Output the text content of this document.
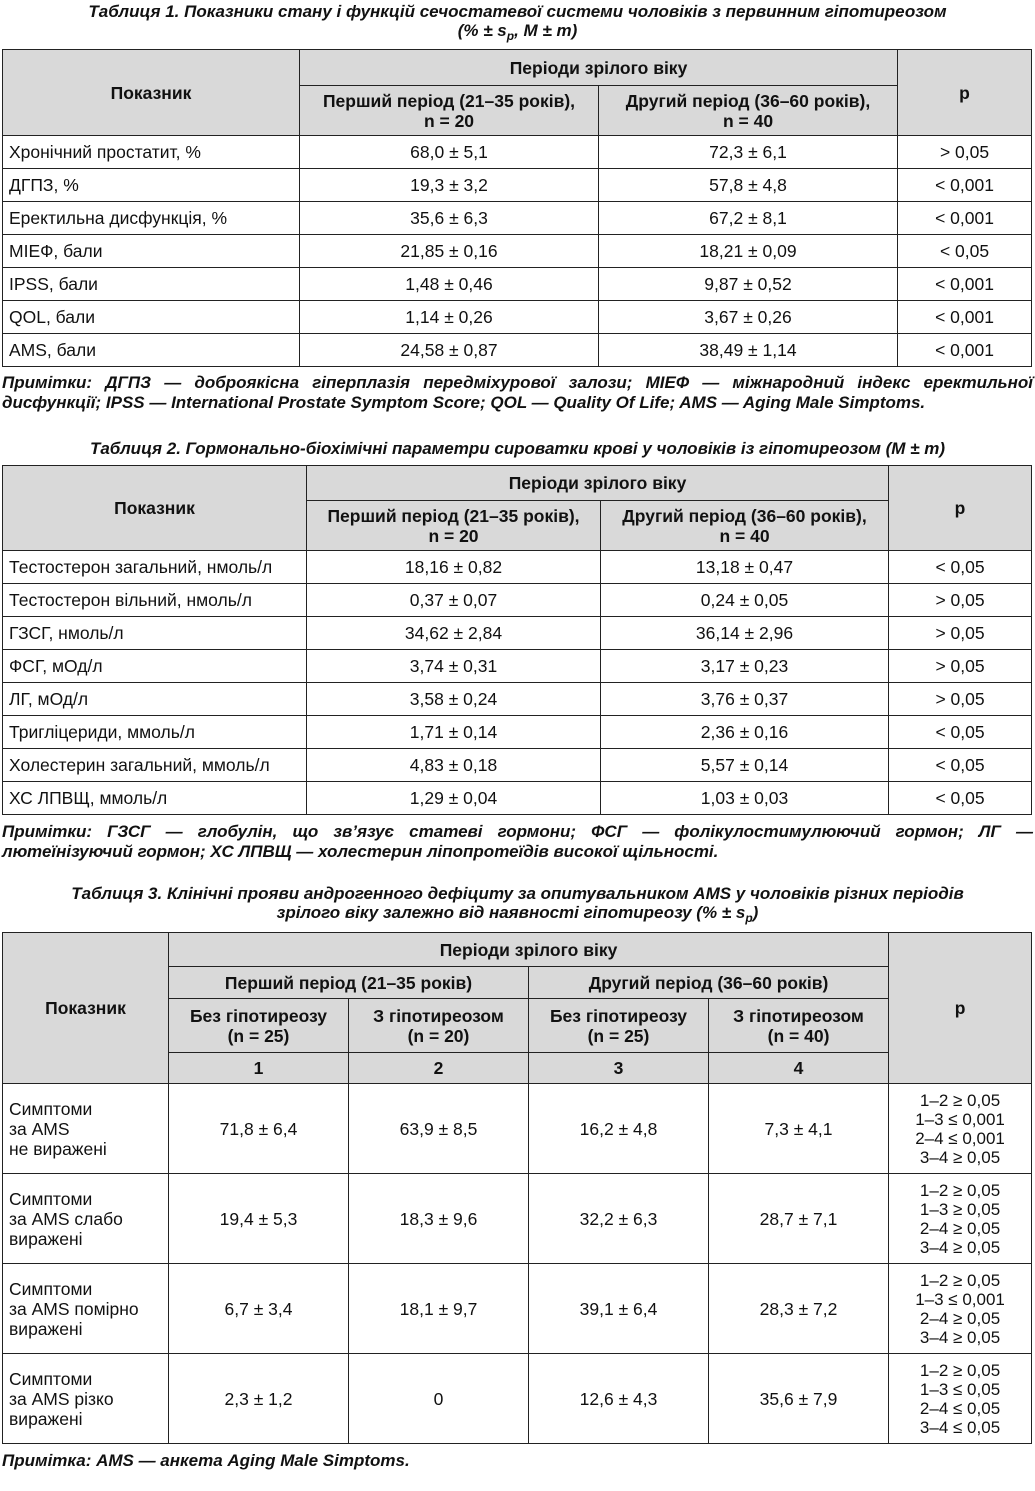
Таблиця 1. Показники стану і функцій сечостатевої системи чоловіків з первинним гіпотиреозом
(% ± $s_p$, M ± m)

Показник	Періоди зрілого віку		р
	Перший період (21–35 років),
n = 20	Другий період (36–60 років),
n = 40	
Хронічний простатит, %	68,0 ± 5,1	72,3 ± 6,1	> 0,05
ДГПЗ, %	19,3 ± 3,2	57,8 ± 4,8	< 0,001
Еректильна дисфункція, %	35,6 ± 6,3	67,2 ± 8,1	< 0,001
МІЕФ, бали	21,85 ± 0,16	18,21 ± 0,09	< 0,05
IPSS, бали	1,48 ± 0,46	9,87 ± 0,52	< 0,001
QOL, бали	1,14 ± 0,26	3,67 ± 0,26	< 0,001
AMS, бали	24,58 ± 0,87	38,49 ± 1,14	< 0,001

Примітки: ДГПЗ — доброякісна гіперплазія передміхурової залози; МІЕФ — міжнародний індекс еректильної дисфункції; IPSS — International Prostate Symptom Score; QOL — Quality Of Life; AMS — Aging Male Simptoms.

Таблиця 2. Гормонально-біохімічні параметри сироватки крові у чоловіків із гіпотиреозом (M ± m)

Показник	Періоди зрілого віку		р
	Перший період (21–35 років),
n = 20	Другий період (36–60 років),
n = 40	
Тестостерон загальний, нмоль/л	18,16 ± 0,82	13,18 ± 0,47	< 0,05
Тестостерон вільний, нмоль/л	0,37 ± 0,07	0,24 ± 0,05	> 0,05
ГЗСГ, нмоль/л	34,62 ± 2,84	36,14 ± 2,96	> 0,05
ФСГ, мОд/л	3,74 ± 0,31	3,17 ± 0,23	> 0,05
ЛГ, мОд/л	3,58 ± 0,24	3,76 ± 0,37	> 0,05
Тригліцериди, ммоль/л	1,71 ± 0,14	2,36 ± 0,16	< 0,05
Холестерин загальний, ммоль/л	4,83 ± 0,18	5,57 ± 0,14	< 0,05
ХС ЛПВЩ, ммоль/л	1,29 ± 0,04	1,03 ± 0,03	< 0,05

Примітки: ГЗСГ — глобулін, що зв’язує статеві гормони; ФСГ — фолікулостимулюючий гормон; ЛГ — лютеїнізуючий гормон; ХС ЛПВЩ — холестерин ліпопротеїдів високої щільності.

Таблиця 3. Клінічні прояви андрогенного дефіциту за опитувальником AMS у чоловіків різних періодів
зрілого віку залежно від наявності гіпотиреозу (% ± $s_p$)

Показник	Періоди зрілого віку				р
	Перший період (21–35 років)		Другий період (36–60 років)		
	Без гіпотиреозу
(n = 25)	З гіпотиреозом
(n = 20)	Без гіпотиреозу
(n = 25)	З гіпотиреозом
(n = 40)	
	1	2	3	4	
Симптоми
за AMS
не виражені	71,8 ± 6,4	63,9 ± 8,5	16,2 ± 4,8	7,3 ± 4,1	1–2 ≥ 0,05
1–3 ≤ 0,001
2–4 ≤ 0,001
3–4 ≥ 0,05
Симптоми
за AMS слабо
виражені	19,4 ± 5,3	18,3 ± 9,6	32,2 ± 6,3	28,7 ± 7,1	1–2 ≥ 0,05
1–3 ≥ 0,05
2–4 ≥ 0,05
3–4 ≥ 0,05
Симптоми
за AMS помірно
виражені	6,7 ± 3,4	18,1 ± 9,7	39,1 ± 6,4	28,3 ± 7,2	1–2 ≥ 0,05
1–3 ≤ 0,001
2–4 ≥ 0,05
3–4 ≥ 0,05
Симптоми
за AMS різко
виражені	2,3 ± 1,2	0	12,6 ± 4,3	35,6 ± 7,9	1–2 ≥ 0,05
1–3 ≤ 0,05
2–4 ≤ 0,05
3–4 ≤ 0,05

Примітка: AMS — анкета Aging Male Simptoms.
